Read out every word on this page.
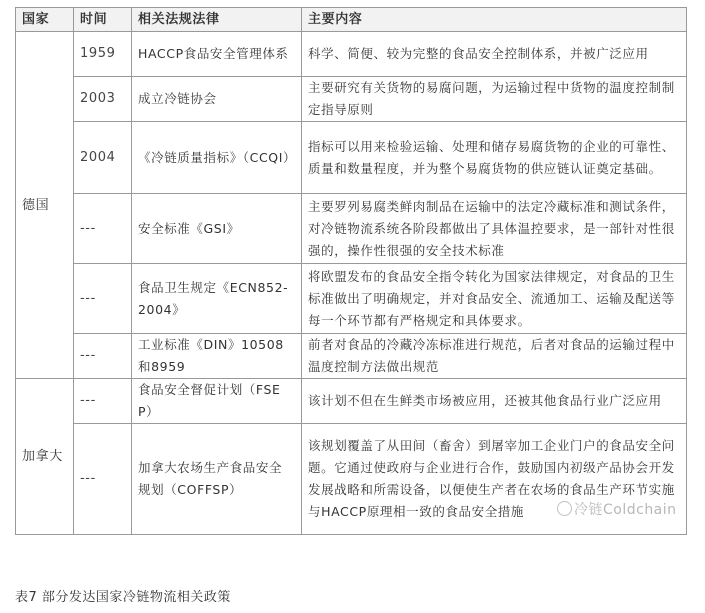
国家	时间	相关法规法律	主要内容

德国	1959	HACCP食品安全管理体系	科学、简便、较为完整的食品安全控制体系，并被广泛应用
	2003	成立冷链协会	主要研究有关货物的易腐问题，为运输过程中货物的温度控制制定指导原则
	2004	《冷链质量指标》（CCQI）	指标可以用来检验运输、处理和储存易腐货物的企业的可靠性、质量和数量程度，并为整个易腐货物的供应链认证奠定基础。
	---	安全标准《GSI》	主要罗列易腐类鲜肉制品在运输中的法定冷藏标准和测试条件，对冷链物流系统各阶段都做出了具体温控要求，是一部针对性很强的，操作性很强的安全技术标准
	---	食品卫生规定《ECN852-2004》	将欧盟发布的食品安全指令转化为国家法律规定，对食品的卫生标准做出了明确规定，并对食品安全、流通加工、运输及配送等每一个环节都有严格规定和具体要求。
	---	工业标准《DIN》10508和8959	前者对食品的冷藏冷冻标准进行规范，后者对食品的运输过程中温度控制方法做出规范

加拿大	---	食品安全督促计划（FSEP）	该计划不但在生鲜类市场被应用，还被其他食品行业广泛应用
	---	加拿大农场生产食品安全规划（COFFSP）	该规划覆盖了从田间（畜舍）到屠宰加工企业门户的食品安全问题。它通过使政府与企业进行合作，鼓励国内初级产品协会开发发展战略和所需设备，以便使生产者在农场的食品生产环节实施与HACCP原理相一致的食品安全措施	冷链Coldchain
表7 部分发达国家冷链物流相关政策
